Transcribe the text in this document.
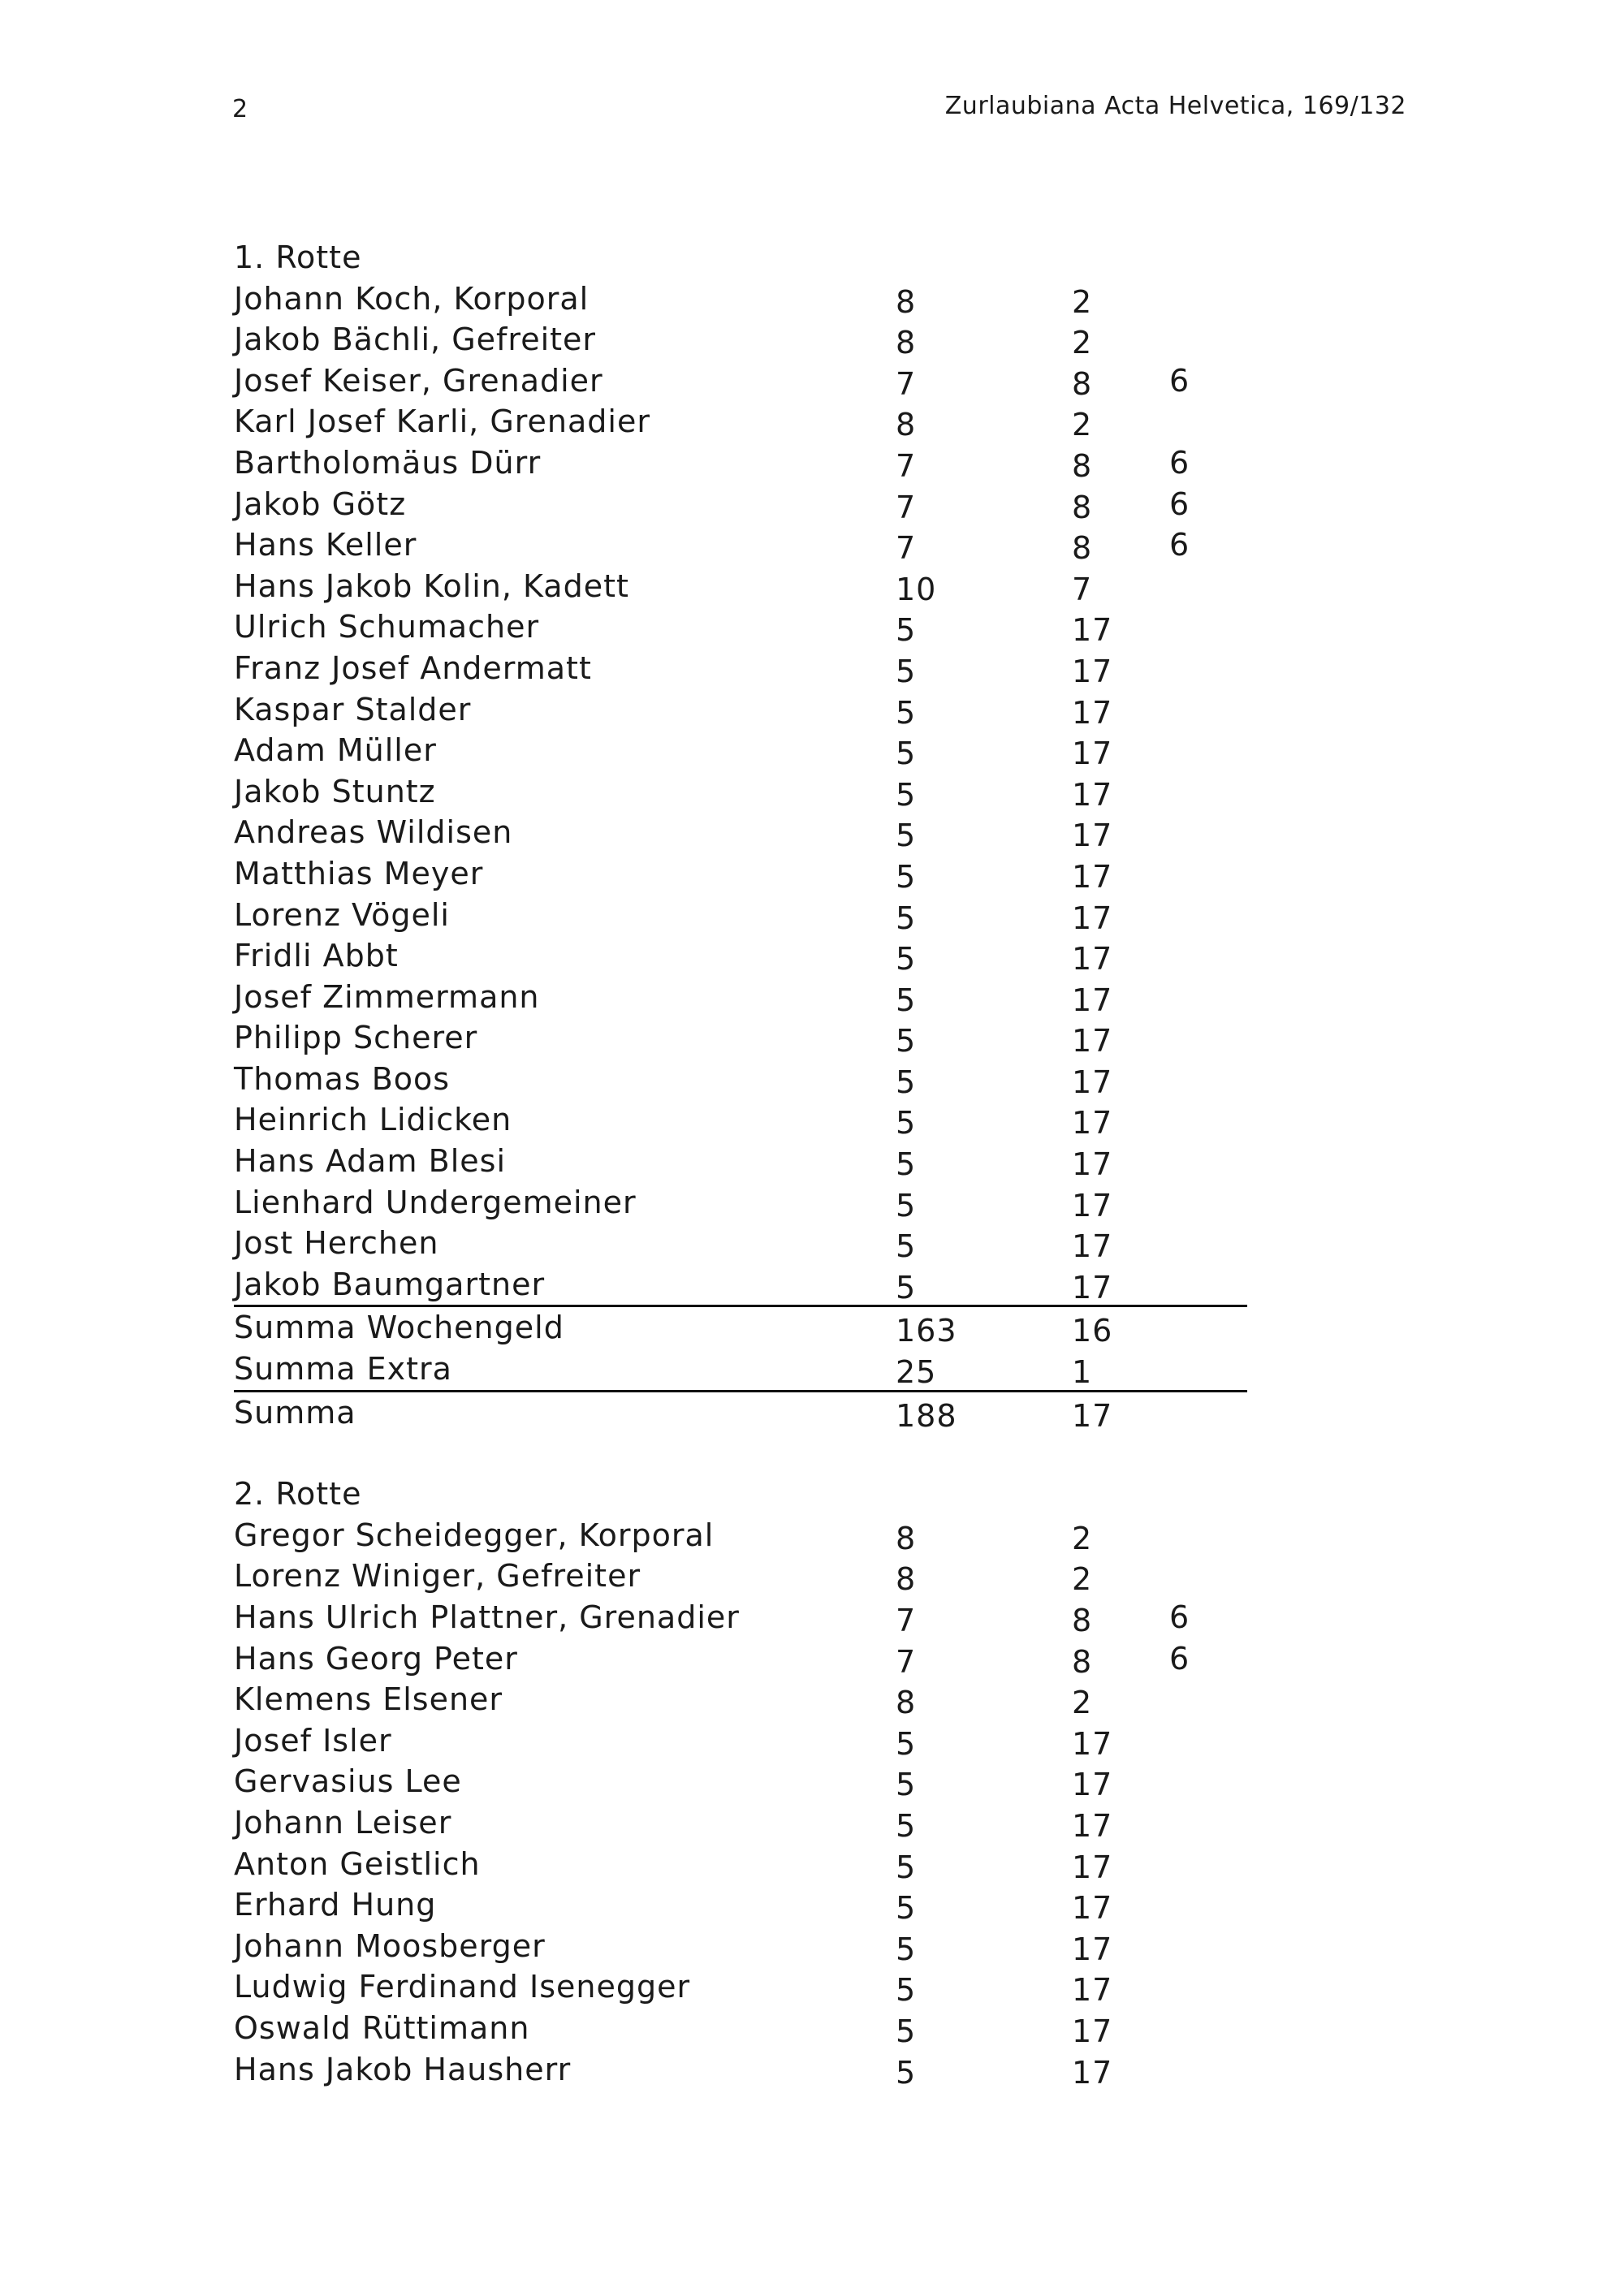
2	Zurlaubiana Acta Helvetica, 169/132
1. Rotte
Johann Koch, Korporal	8	2
Jakob Bächli, Gefreiter	8	2
Josef Keiser, Grenadier	7	8 6
Karl Josef Karli, Grenadier	8	2
Bartholomäus Dürr	7	8 6
Jakob Götz	7	8 6
Hans Keller	7	8 6
Hans Jakob Kolin, Kadett	10	7
Ulrich Schumacher	5	17
Franz Josef Andermatt	5	17
Kaspar Stalder	5	17
Adam Müller	5	17
Jakob Stuntz	5	17
Andreas Wildisen	5	17
Matthias Meyer	5	17
Lorenz Vögeli	5	17
Fridli Abbt	5	17
Josef Zimmermann	5	17
Philipp Scherer	5	17
Thomas Boos	5	17
Heinrich Lidicken	5	17
Hans Adam Blesi	5	17
Lienhard Undergemeiner	5	17
Jost Herchen	5	17
Jakob Baumgartner	5	17
Summa Wochengeld	163	16
Summa Extra	25	1
Summa	188	17
2. Rotte
Gregor Scheidegger, Korporal	8	2
Lorenz Winiger, Gefreiter	8	2
Hans Ulrich Plattner, Grenadier	7	8 6
Hans Georg Peter	7	8 6
Klemens Elsener	8	2
Josef Isler	5	17
Gervasius Lee	5	17
Johann Leiser	5	17
Anton Geistlich	5	17
Erhard Hung	5	17
Johann Moosberger	5	17
Ludwig Ferdinand Isenegger	5	17
Oswald Rüttimann	5	17
Hans Jakob Hausherr	5	17
